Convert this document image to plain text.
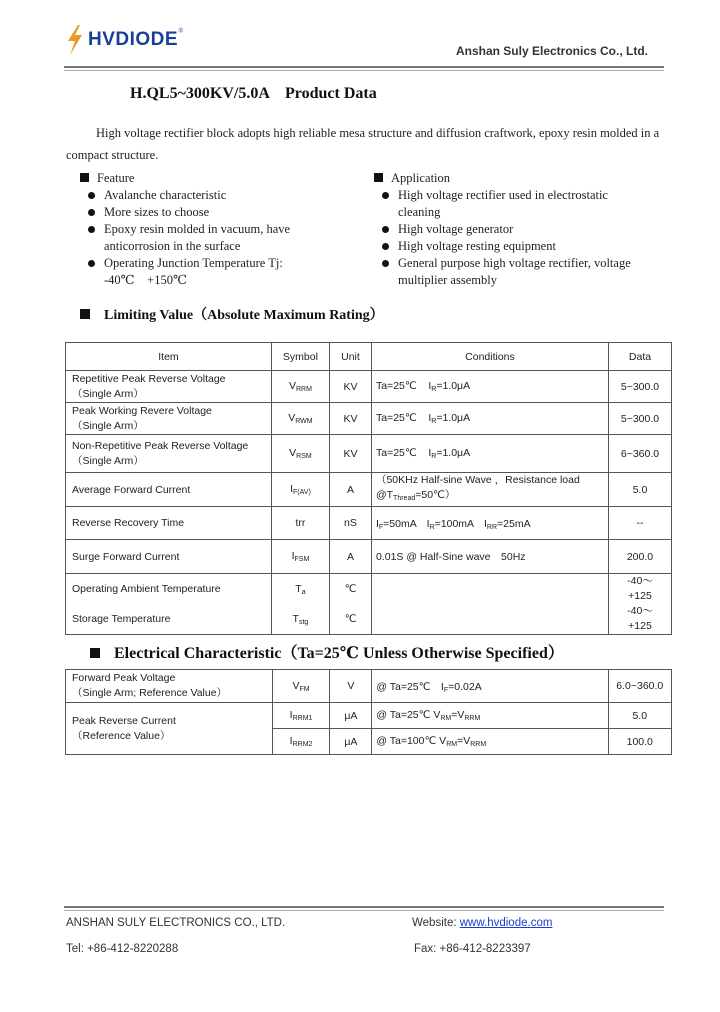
HVDIODE ®
Anshan Suly Electronics Co., Ltd.
H.QL5~300KV/5.0A　Product Data
High voltage rectifier block adopts high reliable mesa structure and diffusion craftwork, epoxy resin molded in a compact structure.
Feature
Avalanche characteristic
More sizes to choose
Epoxy resin molded in vacuum, have anticorrosion in the surface
Operating Junction Temperature Tj: -40℃　+150℃
Application
High voltage rectifier used in electrostatic cleaning
High voltage generator
High voltage resting equipment
General purpose high voltage rectifier, voltage multiplier assembly
Limiting Value（Absolute Maximum Rating）
Item	Symbol	Unit	Conditions	Data

Repetitive Peak Reverse Voltage
（Single Arm）	$V_{RRM}$	KV	Ta=25℃ $I_R=1.0\mu A$	5~300.0

Peak Working Revere Voltage
（Single Arm）	$V_{RWM}$	KV	Ta=25℃ $I_R=1.0\mu A$	5~300.0

Non-Repetitive Peak Reverse Voltage
（Single Arm）	$V_{RSM}$	KV	Ta=25℃ $I_R=1.0\mu A$	6~360.0
Average Forward Current	$I_{F(AV)}$	A	（50KHz Half-sine Wave ，Resistance load
$@T_{Thread}=50℃$）	5.0
Reverse Recovery Time	trr	nS	$I_F=50mA$　$I_R=100mA$　$I_{RR}=25mA$	--
Surge Forward Current	$I_{FSM}$	A	0.01S @ Half-Sine wave　50Hz	200.0
Operating Ambient Temperature	$T_a$	℃		-40～
+125

Storage Temperature	$T_{stg}$	℃		-40～
+125
Electrical Characteristic（Ta=25℃ Unless Otherwise Specified）
Forward Peak Voltage
（Single Arm; Reference Value）	$V_{FM}$	V	@ Ta=25℃　$I_F=0.02A$	6.0~360.0

Peak Reverse Current
（Reference Value）	$I_{RRM1}$	μA	@ Ta=25℃ $V_{RM}=V_{RRM}$	5.0
	$I_{RRM2}$	μA	@ Ta=100℃ $V_{RM}=V_{RRM}$	100.0
ANSHAN SULY ELECTRONICS CO., LTD.	Website: www.hvdiode.com
Tel: +86-412-8220288	Fax: +86-412-8223397
